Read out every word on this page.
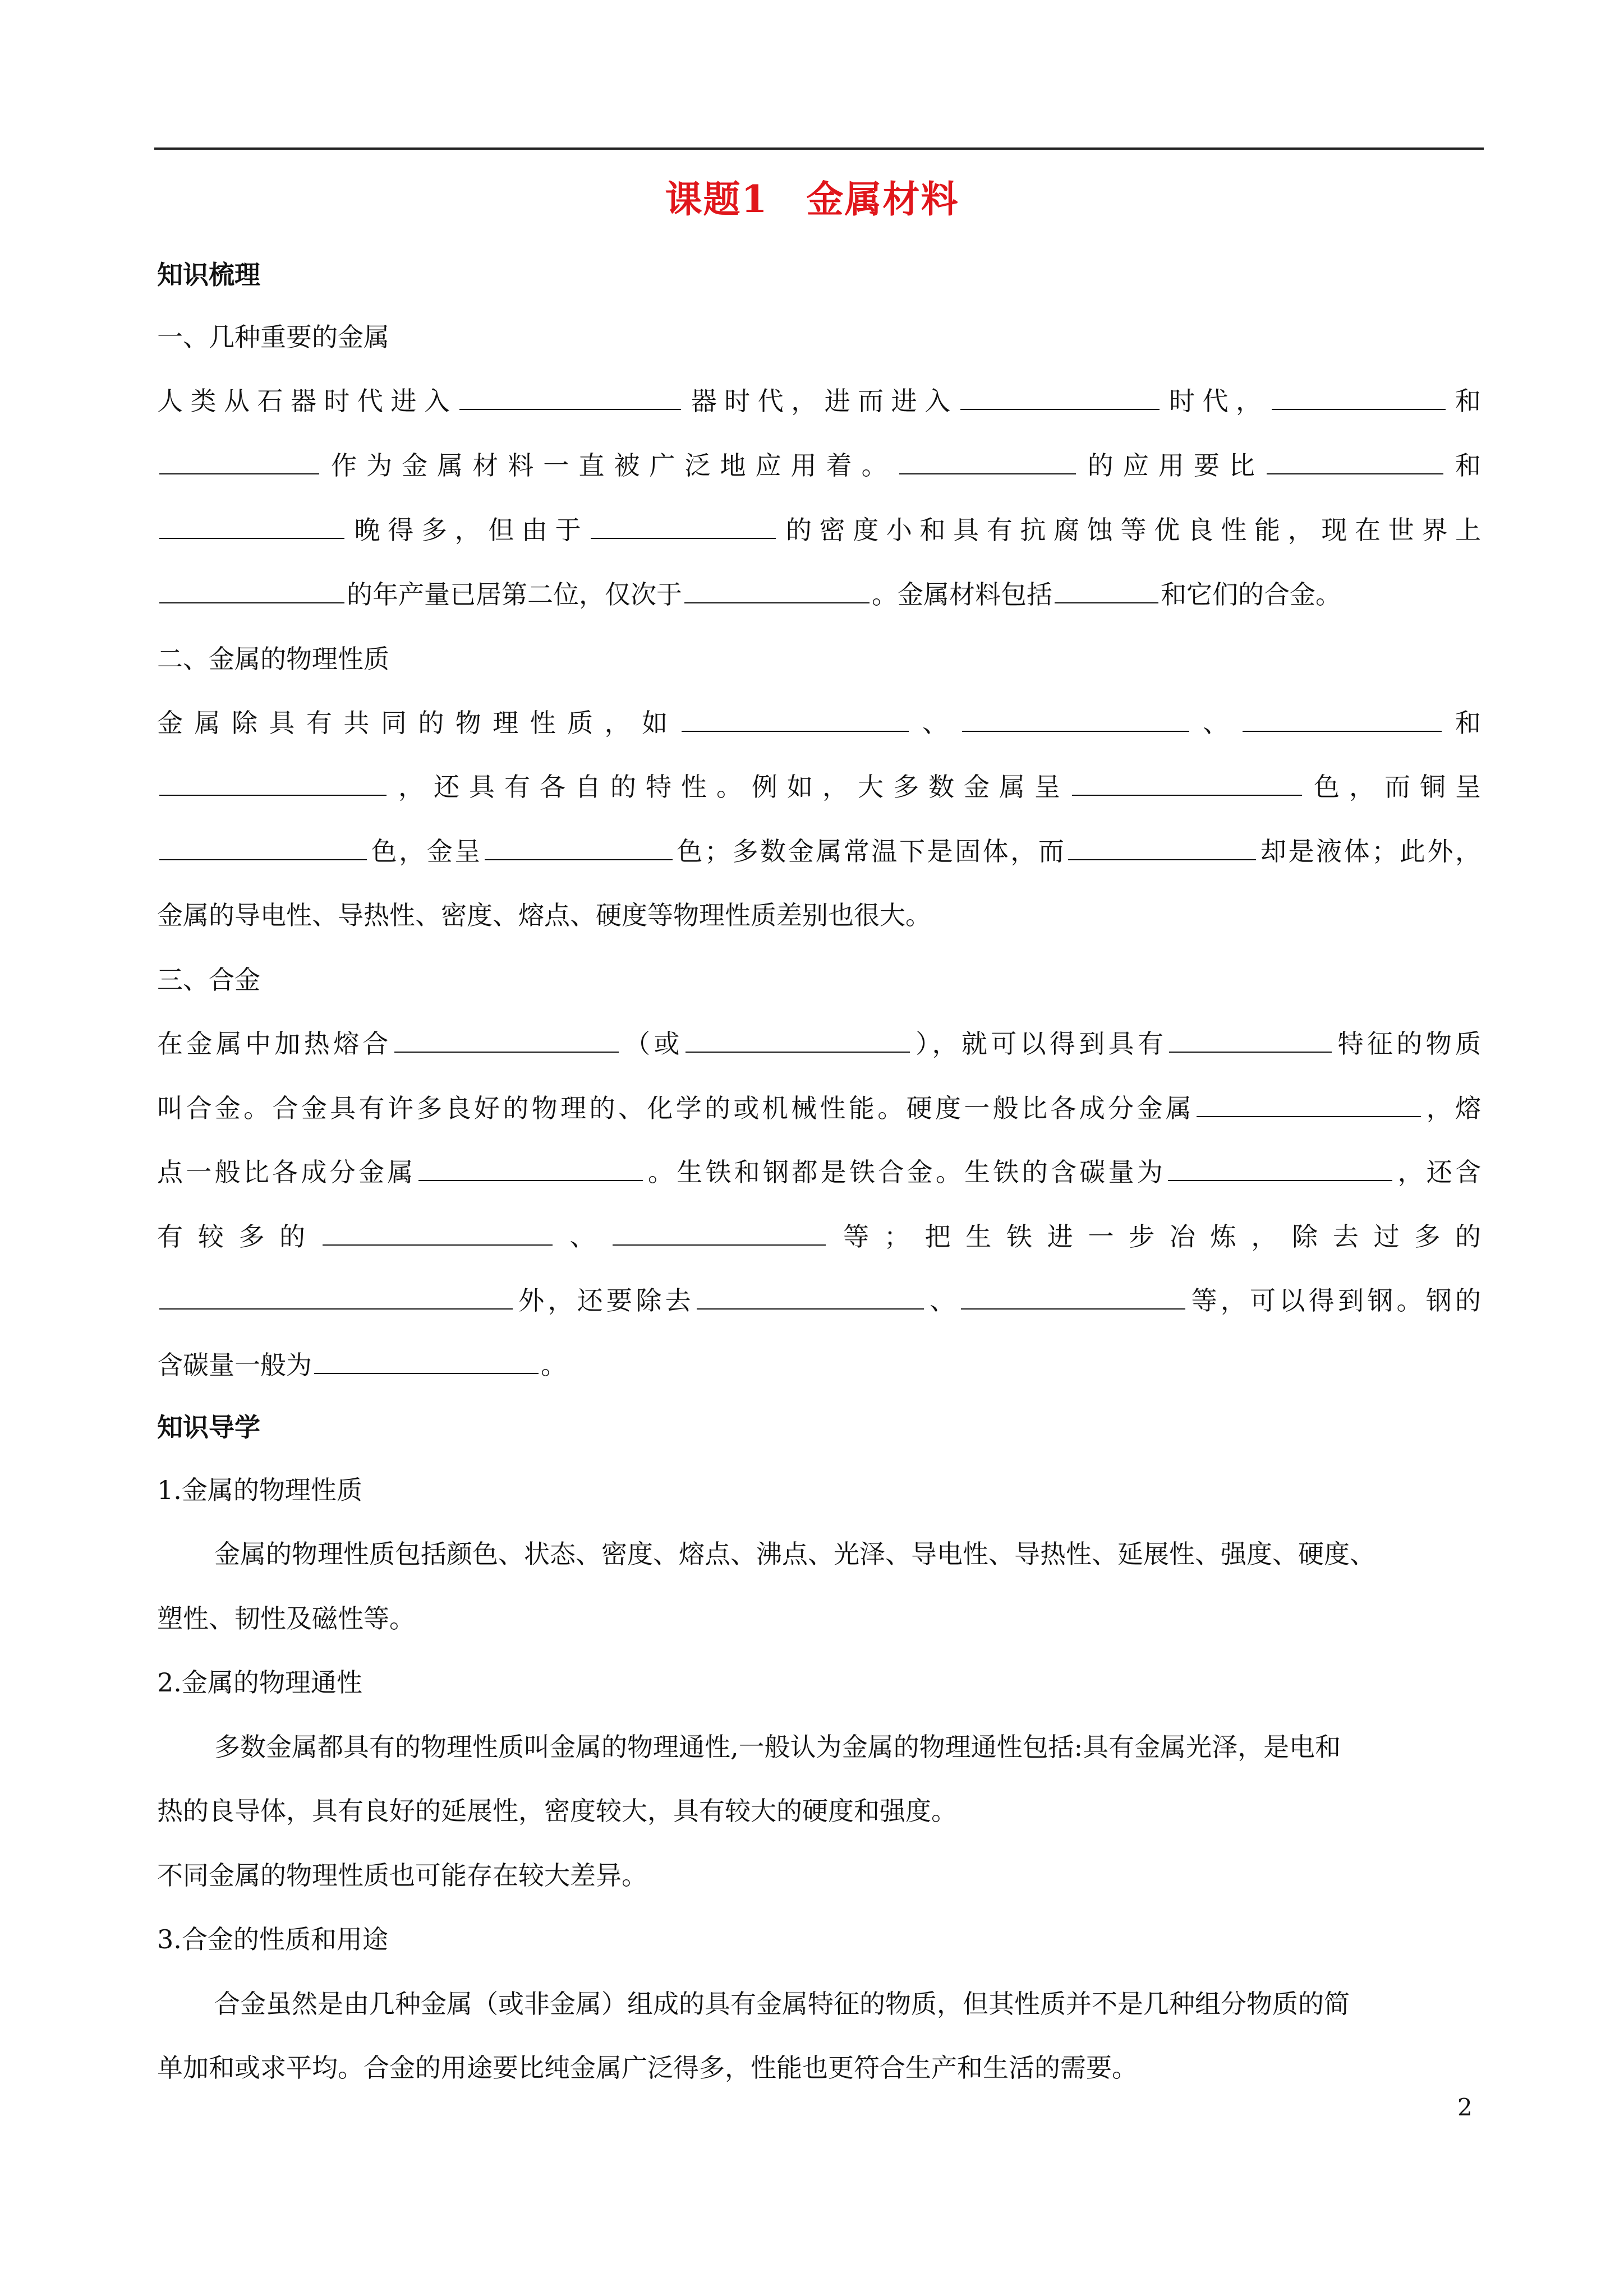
课题1　金属材料
知识梳理
一、几种重要的金属
人类从石器时代进入	器时代，进而进入	时代，	和
作为金属材料一直被广泛地应用着。	的应用要比	和
晚得多，但由于	的密度小和具有抗腐蚀等优良性能，现在世界上
的年产量已居第二位，仅次于	。金属材料包括	和它们的合金。
二、金属的物理性质
金属除具有共同的物理性质，如	、	、	和
，还具有各自的特性。例如，大多数金属呈	色，而铜呈
色，金呈	色；多数金属常温下是固体，而	却是液体；此外，
金属的导电性、导热性、密度、熔点、硬度等物理性质差别也很大。
三、合金
在金属中加热熔合	（或	），就可以得到具有	特征的物质
叫合金。合金具有许多良好的物理的、化学的或机械性能。硬度一般比各成分金属	，熔
点一般比各成分金属	。生铁和钢都是铁合金。生铁的含碳量为	，还含
有较多的	、	等；把生铁进一步冶炼，除去过多的
外，还要除去	、	等，可以得到钢。钢的
含碳量一般为	。
知识导学
1.金属的物理性质
金属的物理性质包括颜色、状态、密度、熔点、沸点、光泽、导电性、导热性、延展性、强度、硬度、
塑性、韧性及磁性等。
2.金属的物理通性
多数金属都具有的物理性质叫金属的物理通性,一般认为金属的物理通性包括:具有金属光泽，是电和
热的良导体，具有良好的延展性，密度较大，具有较大的硬度和强度。
不同金属的物理性质也可能存在较大差异。
3.合金的性质和用途
合金虽然是由几种金属（或非金属）组成的具有金属特征的物质，但其性质并不是几种组分物质的简
单加和或求平均。合金的用途要比纯金属广泛得多，性能也更符合生产和生活的需要。
2
